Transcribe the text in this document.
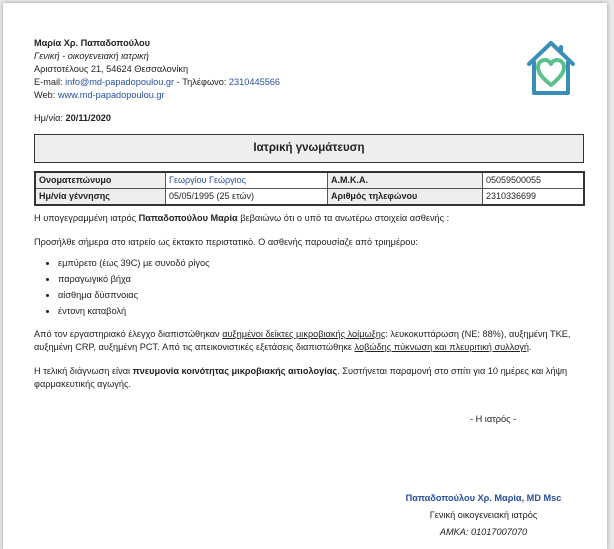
Μαρία Χρ. Παπαδοπούλου
Γενική - οικογενειακή ιατρική
Αριστοτέλους 21, 54624 Θεσσαλονίκη
E-mail: info@md-papadopoulou.gr - Τηλέφωνο: 2310445566
Web: www.md-papadopoulou.gr
Ημ/νία: 20/11/2020
Ιατρική γνωμάτευση
Ονοματεπώνυμο	Γεωργίου Γεώργιος	Α.Μ.Κ.Α.	05059500055
Ημ/νία γέννησης	05/05/1995 (25 ετών)	Αριθμός τηλεφώνου	2310336699

Η υπογεγραμμένη ιατρός Παπαδοπούλου Μαρία βεβαιώνω ότι ο υπό τα ανωτέρω στοιχεία ασθενής :

Προσήλθε σήμερα στο ιατρείο ως έκτακτο περιστατικό. Ο ασθενής παρουσίαζε από τριημέρου:

• εμπύρετο (έως 39C) με συνοδό ρίγος
• παραγωγικό βήχα
• αίσθημα δύσπνοιας
• έντονη καταβολή

Από τον εργαστηριακό έλεγχο διαπιστώθηκαν αυξημένοι δείκτες μικροβιακής λοίμωξης: λευκοκυττάρωση (ΝΕ: 88%), αυξημένη ΤΚΕ, αυξημένη CRP, αυξημένη PCT. Από τις απεικονιστικές εξετάσεις διαπιστώθηκε λοβώδης πύκνωση και πλευριτική συλλογή.

Η τελική διάγνωση είναι πνευμονία κοινότητας μικροβιακής αιτιολογίας. Συστήνεται παραμονή στο σπίτι για 10 ημέρες και λήψη φαρμακευτικής αγωγής.

- Η ιατρός -
Παπαδοπούλου Χρ. Μαρία, MD Msc
Γενική οικογενειακή ιατρός
ΑΜΚΑ: 01017007070
